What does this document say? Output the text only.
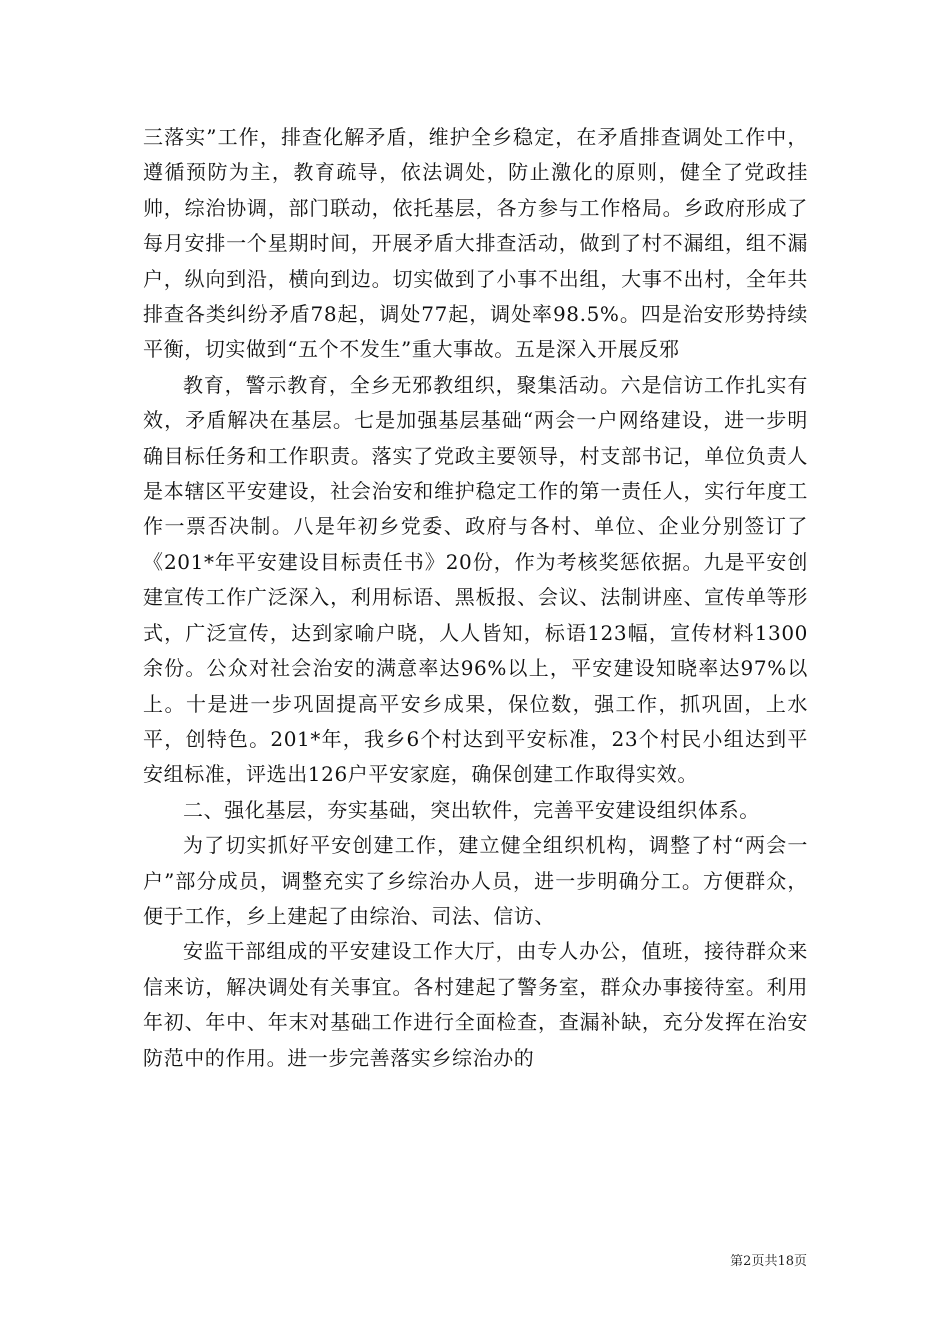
三落实”工作，排查化解矛盾，维护全乡稳定，在矛盾排查调处工作中，遵循预防为主，教育疏导，依法调处，防止激化的原则，健全了党政挂帅，综治协调，部门联动，依托基层，各方参与工作格局。乡政府形成了每月安排一个星期时间，开展矛盾大排查活动，做到了村不漏组，组不漏户，纵向到沿，横向到边。切实做到了小事不出组，大事不出村，全年共排查各类纠纷矛盾78起，调处77起，调处率98.5%。四是治安形势持续平衡，切实做到“五个不发生”重大事故。五是深入开展反邪

教育，警示教育，全乡无邪教组织，聚集活动。六是信访工作扎实有效，矛盾解决在基层。七是加强基层基础“两会一户网络建设，进一步明确目标任务和工作职责。落实了党政主要领导，村支部书记，单位负责人是本辖区平安建设，社会治安和维护稳定工作的第一责任人，实行年度工作一票否决制。八是年初乡党委、政府与各村、单位、企业分别签订了《201*年平安建设目标责任书》20份，作为考核奖惩依据。九是平安创建宣传工作广泛深入，利用标语、黑板报、会议、法制讲座、宣传单等形式，广泛宣传，达到家喻户晓，人人皆知，标语123幅，宣传材料1300余份。公众对社会治安的满意率达96%以上，平安建设知晓率达97%以上。十是进一步巩固提高平安乡成果，保位数，强工作，抓巩固，上水平，创特色。201*年，我乡6个村达到平安标准，23个村民小组达到平安组标准，评选出126户平安家庭，确保创建工作取得实效。

二、强化基层，夯实基础，突出软件，完善平安建设组织体系。

为了切实抓好平安创建工作，建立健全组织机构，调整了村“两会一户”部分成员，调整充实了乡综治办人员，进一步明确分工。方便群众，便于工作，乡上建起了由综治、司法、信访、

安监干部组成的平安建设工作大厅，由专人办公，值班，接待群众来信来访，解决调处有关事宜。各村建起了警务室，群众办事接待室。利用年初、年中、年末对基础工作进行全面检查，查漏补缺，充分发挥在治安防范中的作用。进一步完善落实乡综治办的

第2页共18页
